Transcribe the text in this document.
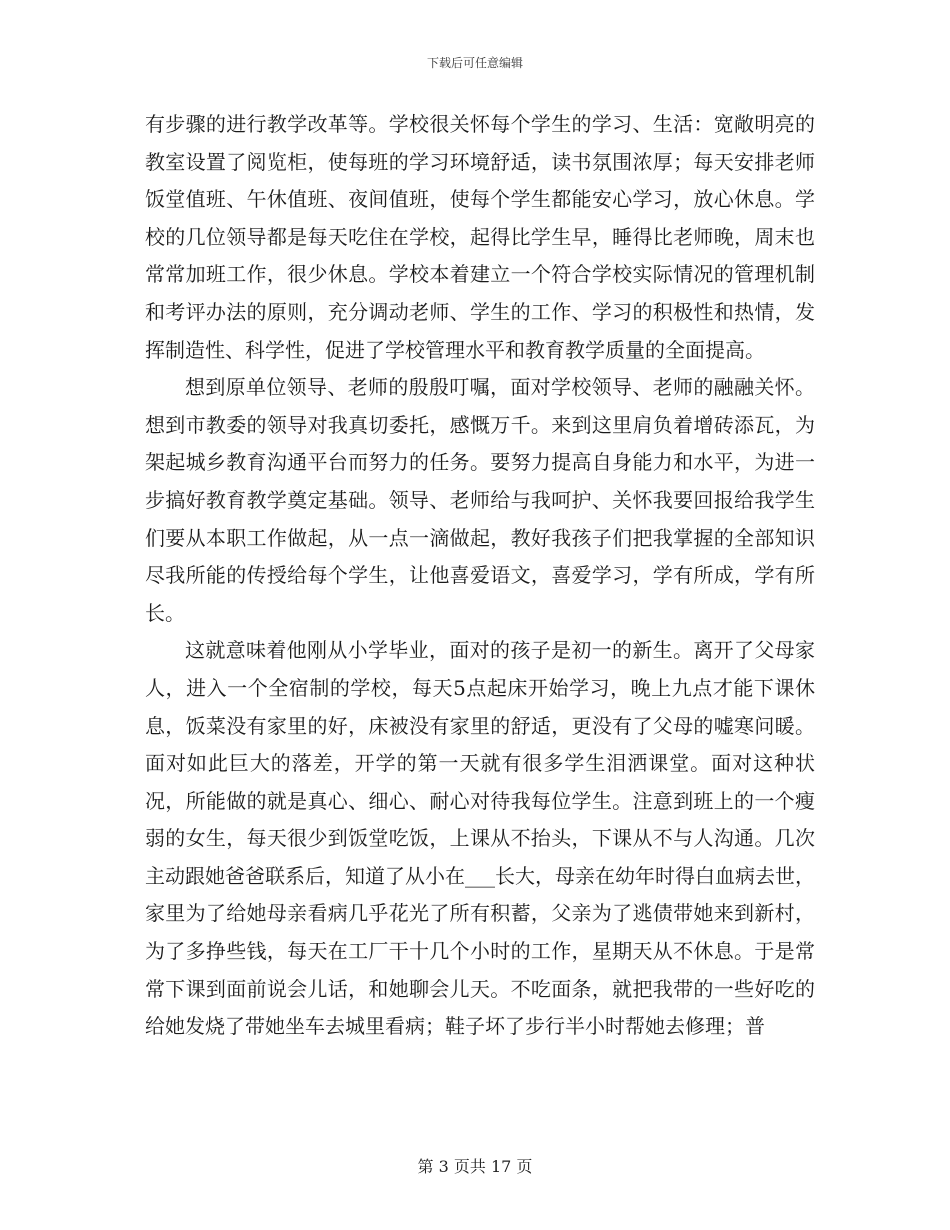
下载后可任意编辑

有步骤的进行教学改革等。学校很关怀每个学生的学习、生活：宽敞明亮的教室设置了阅览柜，使每班的学习环境舒适，读书氛围浓厚；每天安排老师饭堂值班、午休值班、夜间值班，使每个学生都能安心学习，放心休息。学校的几位领导都是每天吃住在学校，起得比学生早，睡得比老师晚，周末也常常加班工作，很少休息。学校本着建立一个符合学校实际情况的管理机制和考评办法的原则，充分调动老师、学生的工作、学习的积极性和热情，发挥制造性、科学性，促进了学校管理水平和教育教学质量的全面提高。

想到原单位领导、老师的殷殷叮嘱，面对学校领导、老师的融融关怀。想到市教委的领导对我真切委托，感慨万千。来到这里肩负着增砖添瓦，为架起城乡教育沟通平台而努力的任务。要努力提高自身能力和水平，为进一步搞好教育教学奠定基础。领导、老师给与我呵护、关怀我要回报给我学生们要从本职工作做起，从一点一滴做起，教好我孩子们把我掌握的全部知识尽我所能的传授给每个学生，让他喜爱语文，喜爱学习，学有所成，学有所长。

这就意味着他刚从小学毕业，面对的孩子是初一的新生。离开了父母家人，进入一个全宿制的学校，每天5点起床开始学习，晚上九点才能下课休息，饭菜没有家里的好，床被没有家里的舒适，更没有了父母的嘘寒问暖。面对如此巨大的落差，开学的第一天就有很多学生泪洒课堂。面对这种状况，所能做的就是真心、细心、耐心对待我每位学生。注意到班上的一个瘦弱的女生，每天很少到饭堂吃饭，上课从不抬头，下课从不与人沟通。几次主动跟她爸爸联系后，知道了从小在___长大，母亲在幼年时得白血病去世，家里为了给她母亲看病几乎花光了所有积蓄，父亲为了逃债带她来到新村，为了多挣些钱，每天在工厂干十几个小时的工作，星期天从不休息。于是常常下课到面前说会儿话，和她聊会儿天。不吃面条，就把我带的一些好吃的给她发烧了带她坐车去城里看病；鞋子坏了步行半小时帮她去修理；普

第 3 页共 17 页
